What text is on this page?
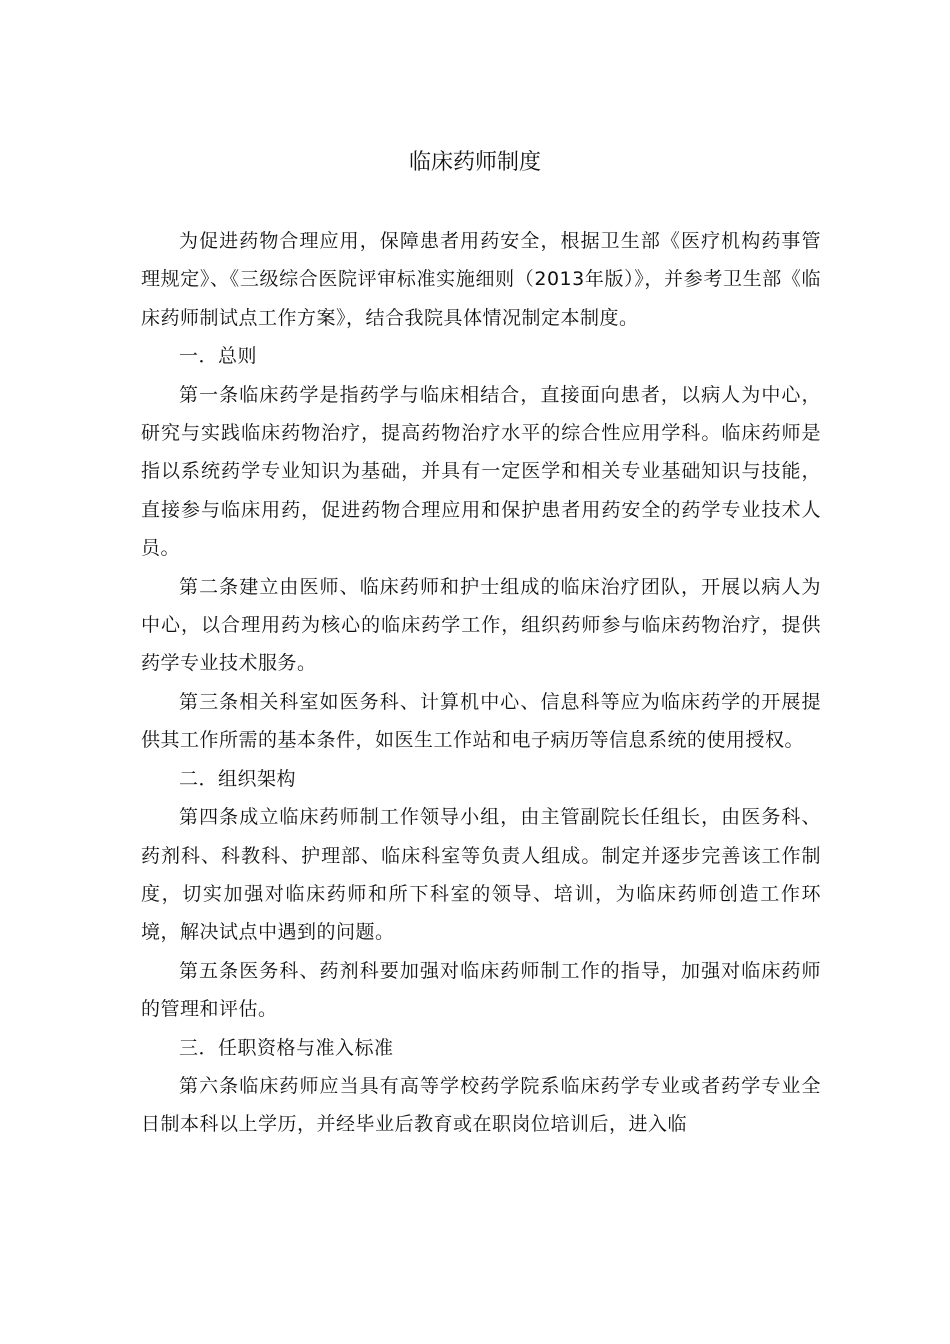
临床药师制度

为促进药物合理应用，保障患者用药安全，根据卫生部《医疗机构药事管理规定》、《三级综合医院评审标准实施细则（2013年版）》，并参考卫生部《临床药师制试点工作方案》，结合我院具体情况制定本制度。

一．总则

第一条临床药学是指药学与临床相结合，直接面向患者，以病人为中心，研究与实践临床药物治疗，提高药物治疗水平的综合性应用学科。临床药师是指以系统药学专业知识为基础，并具有一定医学和相关专业基础知识与技能，直接参与临床用药，促进药物合理应用和保护患者用药安全的药学专业技术人员。

第二条建立由医师、临床药师和护士组成的临床治疗团队，开展以病人为中心，以合理用药为核心的临床药学工作，组织药师参与临床药物治疗，提供药学专业技术服务。

第三条相关科室如医务科、计算机中心、信息科等应为临床药学的开展提供其工作所需的基本条件，如医生工作站和电子病历等信息系统的使用授权。

二．组织架构

第四条成立临床药师制工作领导小组，由主管副院长任组长，由医务科、药剂科、科教科、护理部、临床科室等负责人组成。制定并逐步完善该工作制度，切实加强对临床药师和所下科室的领导、培训，为临床药师创造工作环境，解决试点中遇到的问题。

第五条医务科、药剂科要加强对临床药师制工作的指导，加强对临床药师的管理和评估。

三．任职资格与准入标准

第六条临床药师应当具有高等学校药学院系临床药学专业或者药学专业全日制本科以上学历，并经毕业后教育或在职岗位培训后，进入临
